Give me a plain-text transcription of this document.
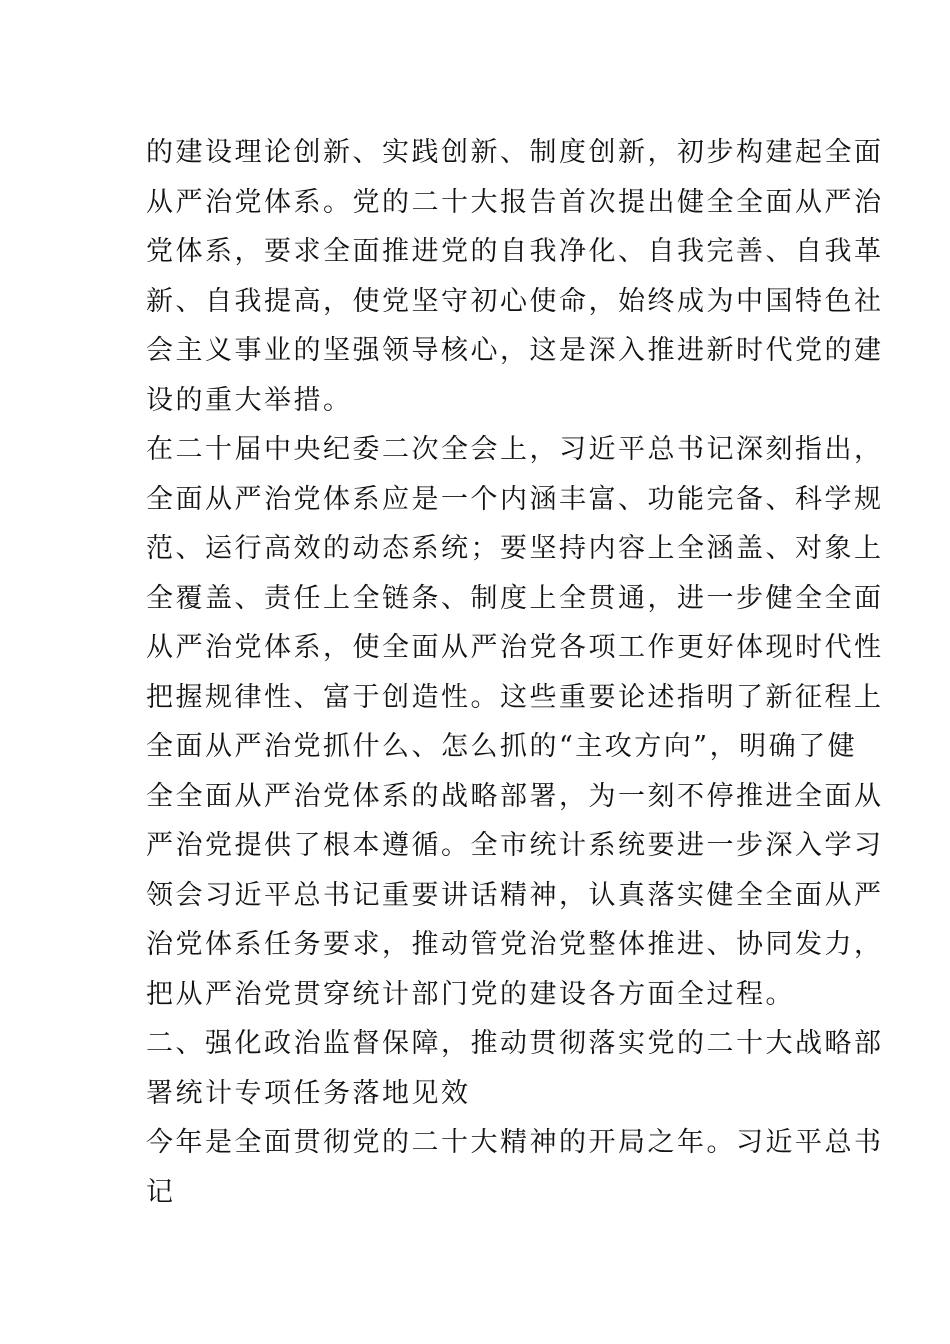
的建设理论创新、实践创新、制度创新，初步构建起全面
从严治党体系。党的二十大报告首次提出健全全面从严治
党体系，要求全面推进党的自我净化、自我完善、自我革
新、自我提高，使党坚守初心使命，始终成为中国特色社
会主义事业的坚强领导核心，这是深入推进新时代党的建
设的重大举措。
在二十届中央纪委二次全会上，习近平总书记深刻指出，
全面从严治党体系应是一个内涵丰富、功能完备、科学规
范、运行高效的动态系统；要坚持内容上全涵盖、对象上
全覆盖、责任上全链条、制度上全贯通，进一步健全全面
从严治党体系，使全面从严治党各项工作更好体现时代性
把握规律性、富于创造性。这些重要论述指明了新征程上
全面从严治党抓什么、怎么抓的“主攻方向”，明确了健
全全面从严治党体系的战略部署，为一刻不停推进全面从
严治党提供了根本遵循。全市统计系统要进一步深入学习
领会习近平总书记重要讲话精神，认真落实健全全面从严
治党体系任务要求，推动管党治党整体推进、协同发力，
把从严治党贯穿统计部门党的建设各方面全过程。
二、强化政治监督保障，推动贯彻落实党的二十大战略部
署统计专项任务落地见效
今年是全面贯彻党的二十大精神的开局之年。习近平总书
记
